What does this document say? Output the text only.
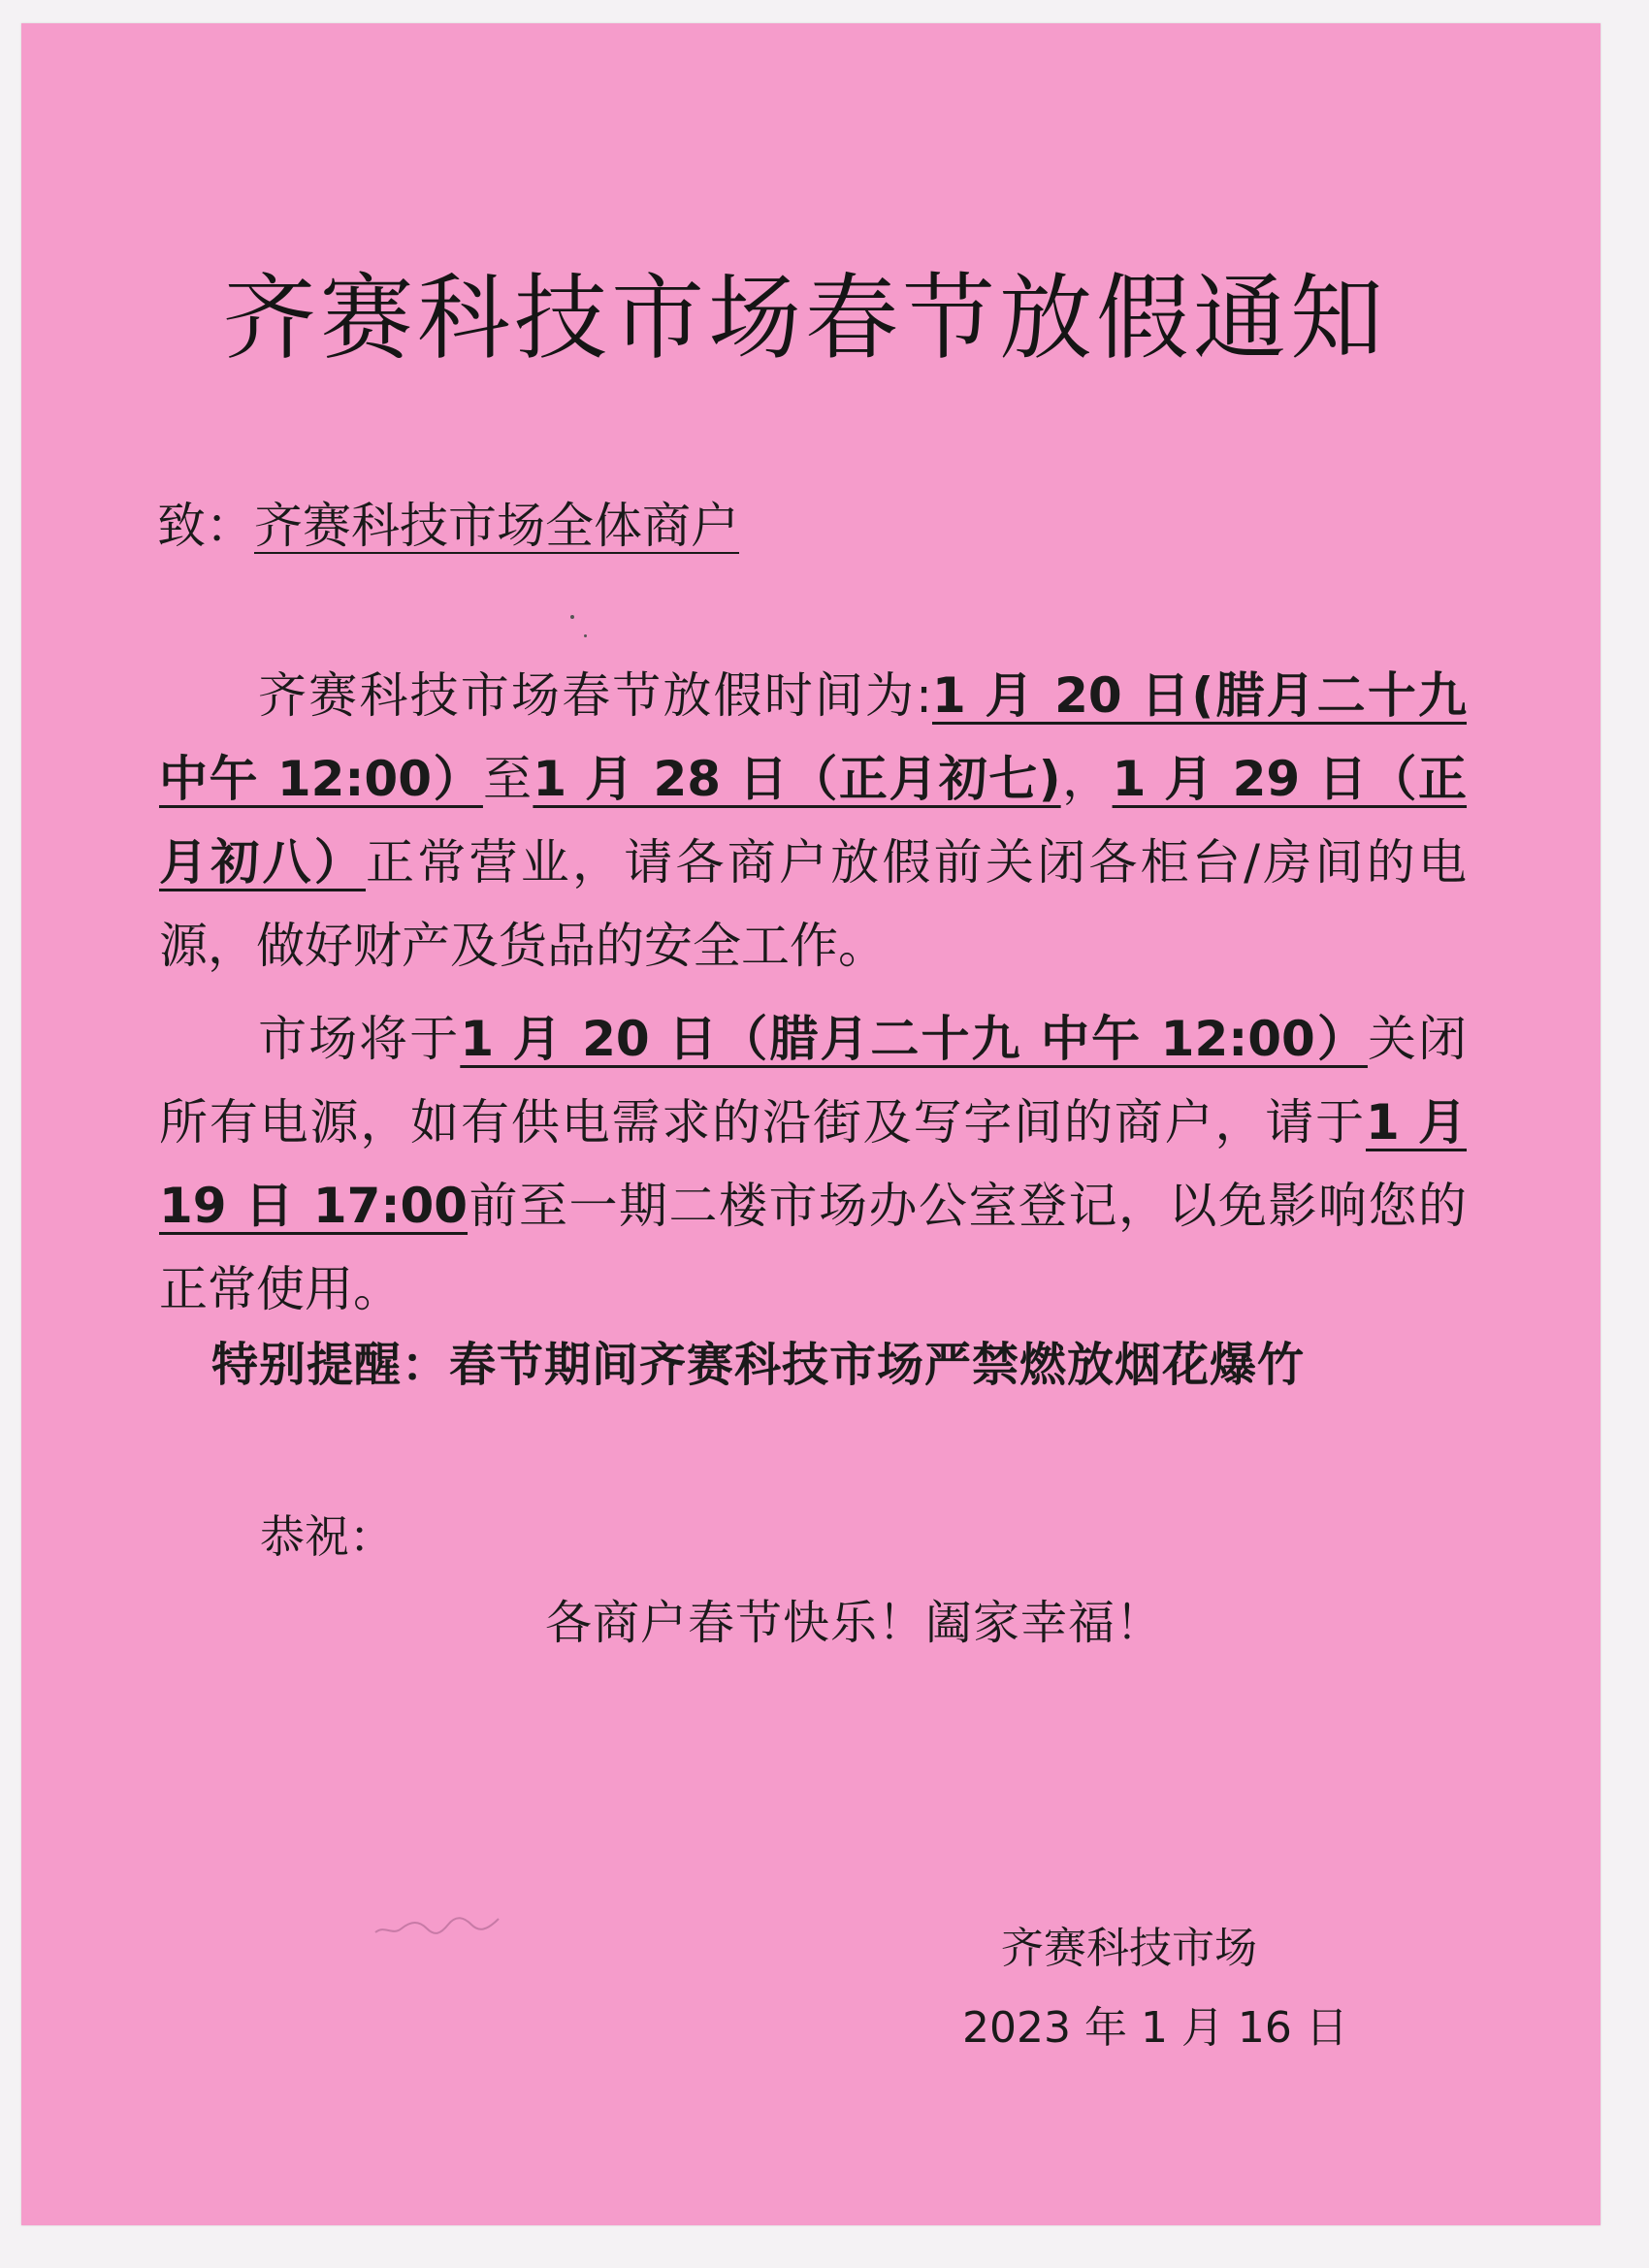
齐赛科技市场春节放假通知
致：齐赛科技市场全体商户
齐赛科技市场春节放假时间为:1 月 20 日(腊月二十九 中午 12:00）至1 月 28 日（正月初七)，1 月 29 日（正月初八）正常营业，请各商户放假前关闭各柜台/房间的电源，做好财产及货品的安全工作。
市场将于1 月 20 日（腊月二十九 中午 12:00）关闭所有电源，如有供电需求的沿街及写字间的商户，请于1 月 19 日 17:00前至一期二楼市场办公室登记，以免影响您的正常使用。
特别提醒：春节期间齐赛科技市场严禁燃放烟花爆竹
恭祝：
各商户春节快乐！阖家幸福！
齐赛科技市场
2023 年 1 月 16 日
